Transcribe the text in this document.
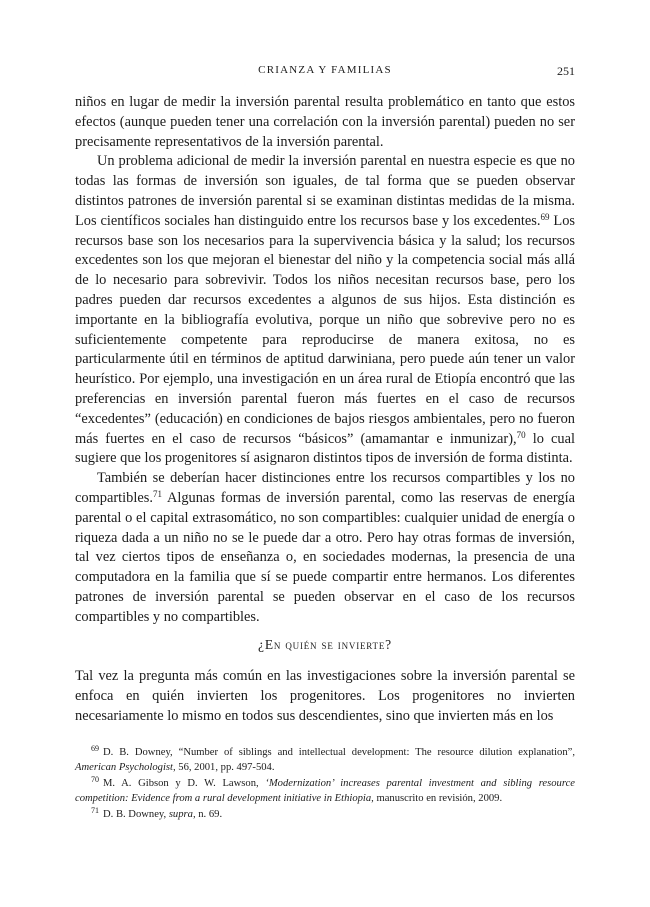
CRIANZA Y FAMILIAS	251

niños en lugar de medir la inversión parental resulta problemático en tanto que estos efectos (aunque pueden tener una correlación con la inversión parental) pueden no ser precisamente representativos de la inversión parental.

Un problema adicional de medir la inversión parental en nuestra especie es que no todas las formas de inversión son iguales, de tal forma que se pueden observar distintos patrones de inversión parental si se examinan distintas medidas de la misma. Los científicos sociales han distinguido entre los recursos base y los excedentes.$^{69}$ Los recursos base son los necesarios para la supervivencia básica y la salud; los recursos excedentes son los que mejoran el bienestar del niño y la competencia social más allá de lo necesario para sobrevivir. Todos los niños necesitan recursos base, pero los padres pueden dar recursos excedentes a algunos de sus hijos. Esta distinción es importante en la bibliografía evolutiva, porque un niño que sobrevive pero no es suficientemente competente para reproducirse de manera exitosa, no es particularmente útil en términos de aptitud darwiniana, pero puede aún tener un valor heurístico. Por ejemplo, una investigación en un área rural de Etiopía encontró que las preferencias en inversión parental fueron más fuertes en el caso de recursos “excedentes” (educación) en condiciones de bajos riesgos ambientales, pero no fueron más fuertes en el caso de recursos “básicos” (amamantar e inmunizar),$^{70}$ lo cual sugiere que los progenitores sí asignaron distintos tipos de inversión de forma distinta.

También se deberían hacer distinciones entre los recursos compartibles y los no compartibles.$^{71}$ Algunas formas de inversión parental, como las reservas de energía parental o el capital extrasomático, no son compartibles: cualquier unidad de energía o riqueza dada a un niño no se le puede dar a otro. Pero hay otras formas de inversión, tal vez ciertos tipos de enseñanza o, en sociedades modernas, la presencia de una computadora en la familia que sí se puede compartir entre hermanos. Los diferentes patrones de inversión parental se pueden observar en el caso de los recursos compartibles y no compartibles.

¿En quién se invierte?

Tal vez la pregunta más común en las investigaciones sobre la inversión parental se enfoca en quién invierten los progenitores. Los progenitores no invierten necesariamente lo mismo en todos sus descendientes, sino que invierten más en los

$^{69}$ D. B. Downey, “Number of siblings and intellectual development: The resource dilution explanation”, American Psychologist, 56, 2001, pp. 497-504.

$^{70}$ M. A. Gibson y D. W. Lawson, ‘Modernization’ increases parental investment and sibling resource competition: Evidence from a rural development initiative in Ethiopia, manuscrito en revisión, 2009.

$^{71}$ D. B. Downey, supra, n. 69.
